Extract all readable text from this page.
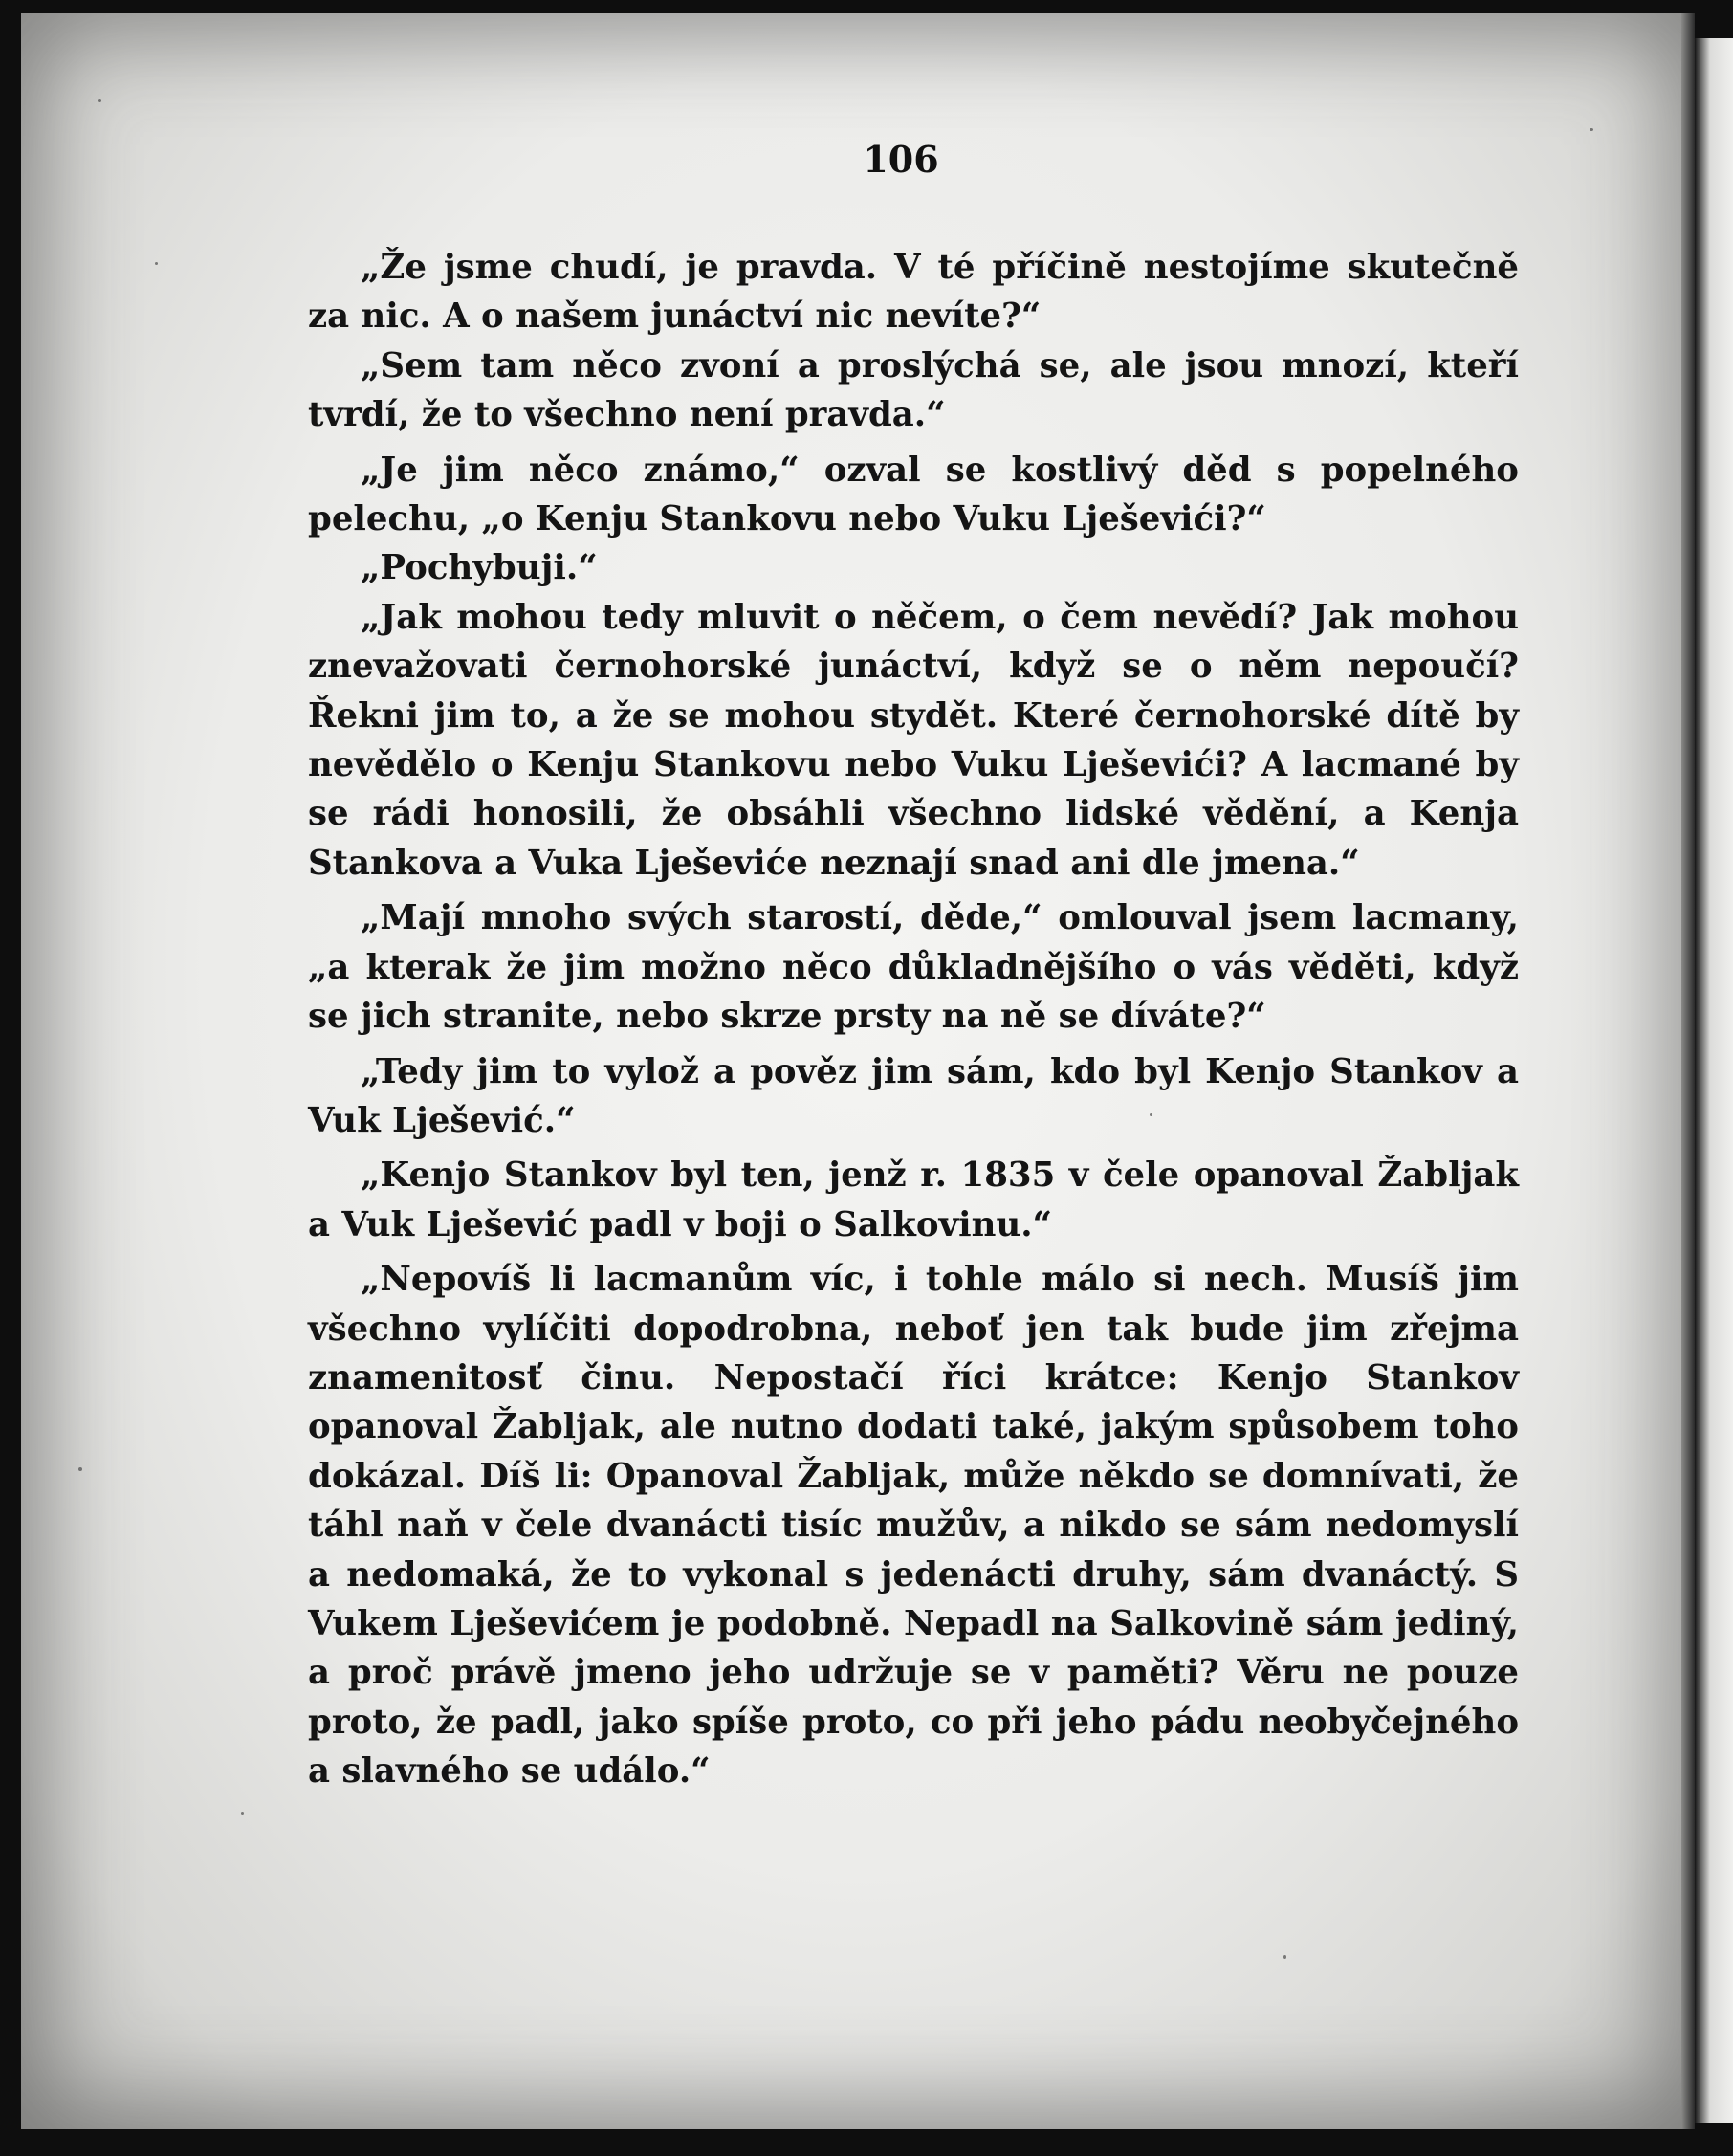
106

„Že jsme chudí, je pravda. V té příčině nestojíme skutečně za nic. A o našem junáctví nic nevíte?“

„Sem tam něco zvoní a proslýchá se, ale jsou mnozí, kteří tvrdí, že to všechno není pravda.“

„Je jim něco známo,“ ozval se kostlivý děd s popelného pelechu, „o Kenju Stankovu nebo Vuku Lješevići?“

„Pochybuji.“

„Jak mohou tedy mluvit o něčem, o čem nevědí? Jak mohou znevažovati černohorské junáctví, když se o něm nepoučí? Řekni jim to, a že se mohou stydět. Které černohorské dítě by nevědělo o Kenju Stankovu nebo Vuku Lješevići? A lacmané by se rádi honosili, že obsáhli všechno lidské vědění, a Kenja Stankova a Vuka Lješeviće neznají snad ani dle jmena.“

„Mají mnoho svých starostí, děde,“ omlouval jsem lacmany, „a kterak že jim možno něco důkladnějšího o vás věděti, když se jich stranite, nebo skrze prsty na ně se díváte?“

„Tedy jim to vylož a pověz jim sám, kdo byl Kenjo Stankov a Vuk Lješević.“

„Kenjo Stankov byl ten, jenž r. 1835 v čele opanoval Žabljak a Vuk Lješević padl v boji o Salkovinu.“

„Nepovíš li lacmanům víc, i tohle málo si nech. Musíš jim všechno vylíčiti dopodrobna, neboť jen tak bude jim zřejma znamenitosť činu. Nepostačí říci krátce: Kenjo Stankov opanoval Žabljak, ale nutno dodati také, jakým spůsobem toho dokázal. Díš li: Opanoval Žabljak, může někdo se domnívati, že táhl naň v čele dvanácti tisíc mužův, a nikdo se sám nedomyslí a nedomaká, že to vykonal s jedenácti druhy, sám dvanáctý. S Vukem Lješevićem je podobně. Nepadl na Salkovině sám jediný, a proč právě jmeno jeho udržuje se v paměti? Věru ne pouze proto, že padl, jako spíše proto, co při jeho pádu neobyčejného a slavného se událo.“
